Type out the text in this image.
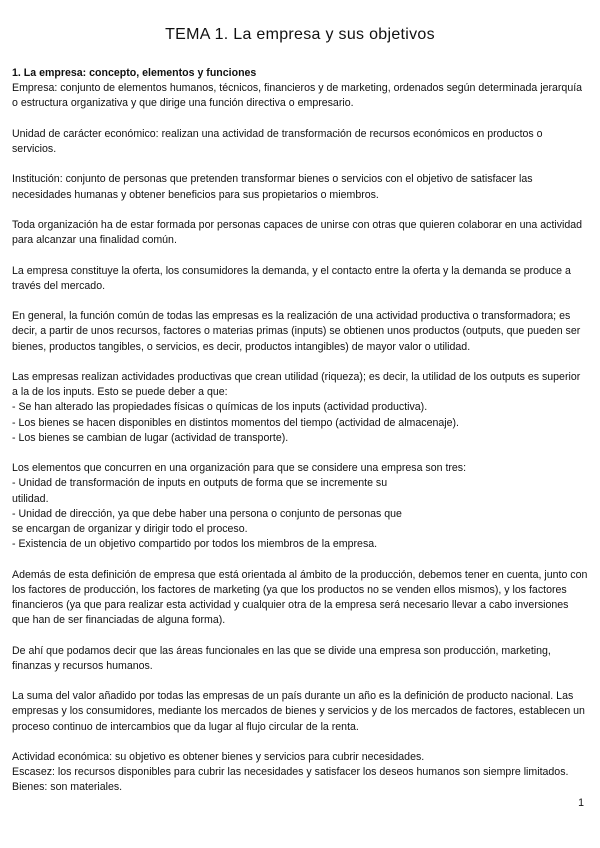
TEMA 1. La empresa y sus objetivos

1. La empresa: concepto, elementos y funciones
Empresa: conjunto de elementos humanos, técnicos, financieros y de marketing, ordenados según determinada jerarquía o estructura organizativa y que dirige una función directiva o empresario.

Unidad de carácter económico: realizan una actividad de transformación de recursos económicos en productos o servicios.

Institución: conjunto de personas que pretenden transformar bienes o servicios con el objetivo de satisfacer las necesidades humanas y obtener beneficios para sus propietarios o miembros.

Toda organización ha de estar formada por personas capaces de unirse con otras que quieren colaborar en una actividad para alcanzar una finalidad común.

La empresa constituye la oferta, los consumidores la demanda, y el contacto entre la oferta y la demanda se produce a través del mercado.

En general, la función común de todas las empresas es la realización de una actividad productiva o transformadora; es decir, a partir de unos recursos, factores o materias primas (inputs) se obtienen unos productos (outputs, que pueden ser bienes, productos tangibles, o servicios, es decir, productos intangibles) de mayor valor o utilidad.

Las empresas realizan actividades productivas que crean utilidad (riqueza); es decir, la utilidad de los outputs es superior a la de los inputs. Esto se puede deber a que:
- Se han alterado las propiedades físicas o químicas de los inputs (actividad productiva).
- Los bienes se hacen disponibles en distintos momentos del tiempo (actividad de almacenaje).
- Los bienes se cambian de lugar (actividad de transporte).

Los elementos que concurren en una organización para que se considere una empresa son tres:
- Unidad de transformación de inputs en outputs de forma que se incremente su
utilidad.
- Unidad de dirección, ya que debe haber una persona o conjunto de personas que
se encargan de organizar y dirigir todo el proceso.
- Existencia de un objetivo compartido por todos los miembros de la empresa.

Además de esta definición de empresa que está orientada al ámbito de la producción, debemos tener en cuenta, junto con los factores de producción, los factores de marketing (ya que los productos no se venden ellos mismos), y los factores financieros (ya que para realizar esta actividad y cualquier otra de la empresa será necesario llevar a cabo inversiones que han de ser financiadas de alguna forma).

De ahí que podamos decir que las áreas funcionales en las que se divide una empresa son producción, marketing, finanzas y recursos humanos.

La suma del valor añadido por todas las empresas de un país durante un año es la definición de producto nacional. Las empresas y los consumidores, mediante los mercados de bienes y servicios y de los mercados de factores, establecen un proceso continuo de intercambios que da lugar al flujo circular de la renta.

Actividad económica: su objetivo es obtener bienes y servicios para cubrir necesidades.
Escasez: los recursos disponibles para cubrir las necesidades y satisfacer los deseos humanos son siempre limitados.
Bienes: son materiales.

1
